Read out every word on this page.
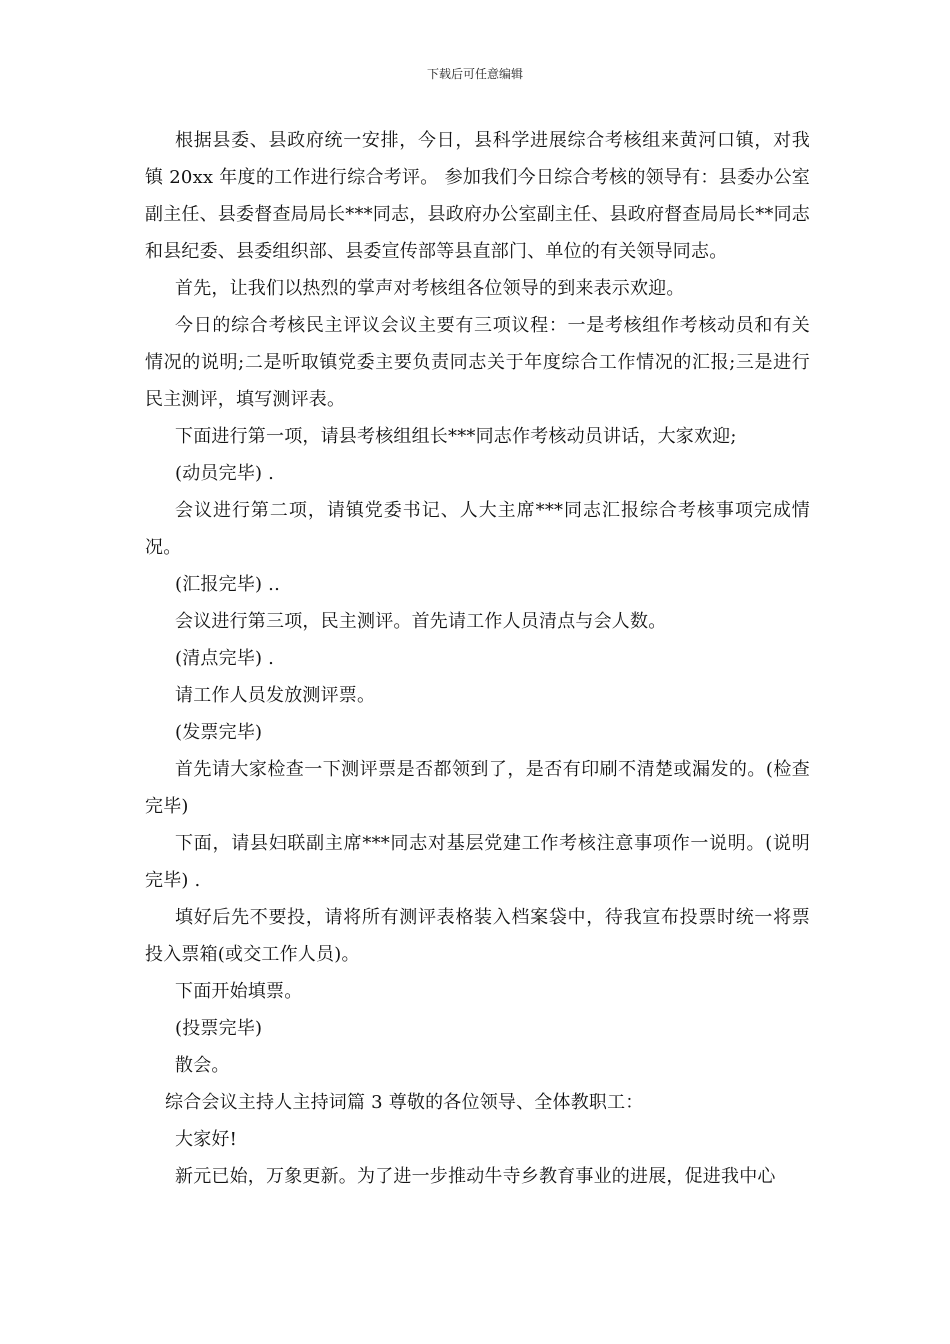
下载后可任意编辑

根据县委、县政府统一安排，今日，县科学进展综合考核组来黄河口镇，对我镇 20xx 年度的工作进行综合考评。 参加我们今日综合考核的领导有：县委办公室副主任、县委督查局局长***同志，县政府办公室副主任、县政府督查局局长**同志和县纪委、县委组织部、县委宣传部等县直部门、单位的有关领导同志。

首先，让我们以热烈的掌声对考核组各位领导的到来表示欢迎。

今日的综合考核民主评议会议主要有三项议程：一是考核组作考核动员和有关情况的说明;二是听取镇党委主要负责同志关于年度综合工作情况的汇报;三是进行民主测评，填写测评表。

下面进行第一项，请县考核组组长***同志作考核动员讲话，大家欢迎;

(动员完毕) .

会议进行第二项，请镇党委书记、人大主席***同志汇报综合考核事项完成情况。

(汇报完毕) ..

会议进行第三项，民主测评。首先请工作人员清点与会人数。

(清点完毕) .

请工作人员发放测评票。

(发票完毕)

首先请大家检查一下测评票是否都领到了，是否有印刷不清楚或漏发的。(检查完毕)

下面，请县妇联副主席***同志对基层党建工作考核注意事项作一说明。(说明完毕) .

填好后先不要投，请将所有测评表格装入档案袋中，待我宣布投票时统一将票投入票箱(或交工作人员)。

下面开始填票。

(投票完毕)

散会。

综合会议主持人主持词篇 3 尊敬的各位领导、全体教职工：

大家好!

新元已始，万象更新。为了进一步推动牛寺乡教育事业的进展，促进我中心
